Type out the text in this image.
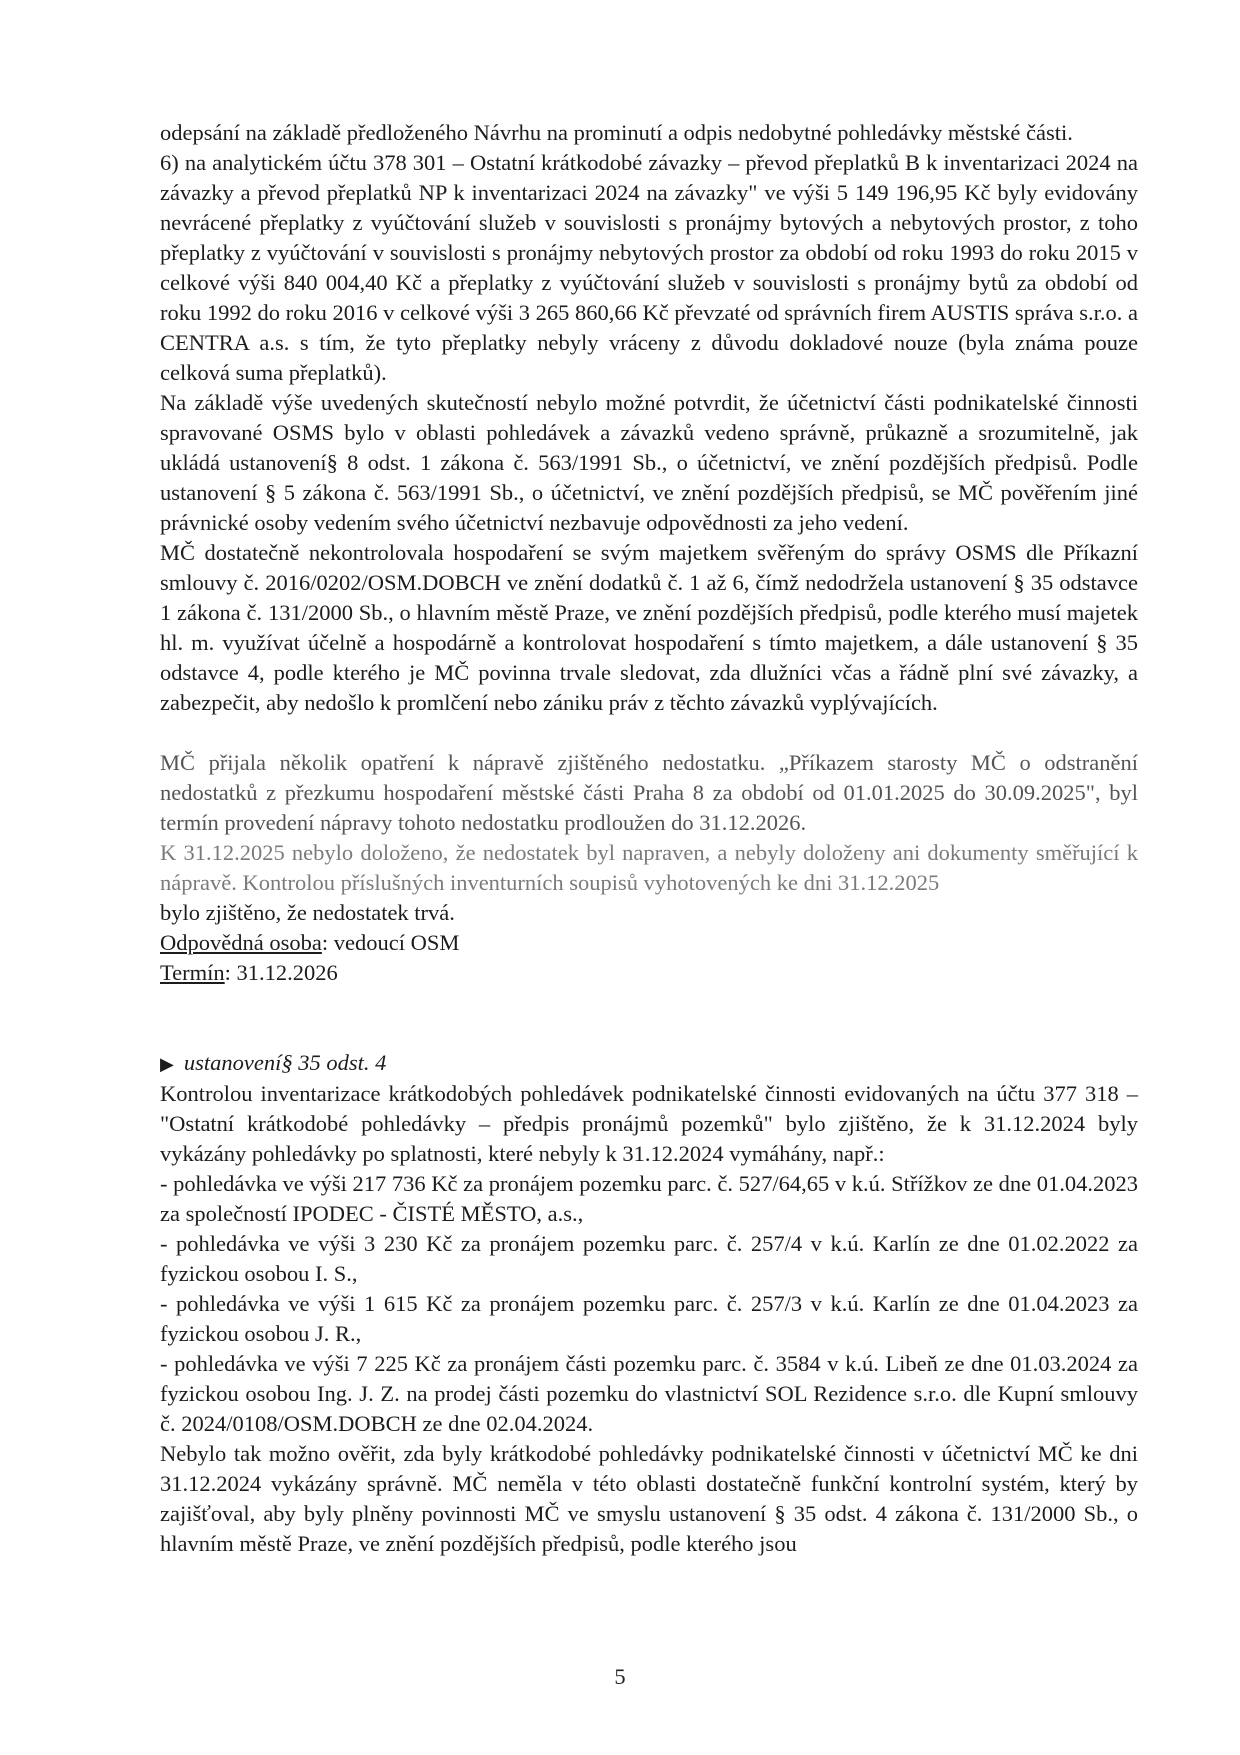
odepsání na základě předloženého Návrhu na prominutí a odpis nedobytné pohledávky městské části.

6) na analytickém účtu 378 301 – Ostatní krátkodobé závazky – převod přeplatků B k inventarizaci 2024 na závazky a převod přeplatků NP k inventarizaci 2024 na závazky" ve výši 5 149 196,95 Kč byly evidovány nevrácené přeplatky z vyúčtování služeb v souvislosti s pronájmy bytových a nebytových prostor, z toho přeplatky z vyúčtování v souvislosti s pronájmy nebytových prostor za období od roku 1993 do roku 2015 v celkové výši 840 004,40 Kč a přeplatky z vyúčtování služeb v souvislosti s pronájmy bytů za období od roku 1992 do roku 2016 v celkové výši 3 265 860,66 Kč převzaté od správních firem AUSTIS správa s.r.o. a CENTRA a.s. s tím, že tyto přeplatky nebyly vráceny z důvodu dokladové nouze (byla známa pouze celková suma přeplatků).

Na základě výše uvedených skutečností nebylo možné potvrdit, že účetnictví části podnikatelské činnosti spravované OSMS bylo v oblasti pohledávek a závazků vedeno správně, průkazně a srozumitelně, jak ukládá ustanovení§ 8 odst. 1 zákona č. 563/1991 Sb., o účetnictví, ve znění pozdějších předpisů. Podle ustanovení § 5 zákona č. 563/1991 Sb., o účetnictví, ve znění pozdějších předpisů, se MČ pověřením jiné právnické osoby vedením svého účetnictví nezbavuje odpovědnosti za jeho vedení.

MČ dostatečně nekontrolovala hospodaření se svým majetkem svěřeným do správy OSMS dle Příkazní smlouvy č. 2016/0202/OSM.DOBCH ve znění dodatků č. 1 až 6, čímž nedodržela ustanovení § 35 odstavce 1 zákona č. 131/2000 Sb., o hlavním městě Praze, ve znění pozdějších předpisů, podle kterého musí majetek hl. m. využívat účelně a hospodárně a kontrolovat hospodaření s tímto majetkem, a dále ustanovení § 35 odstavce 4, podle kterého je MČ povinna trvale sledovat, zda dlužníci včas a řádně plní své závazky, a zabezpečit, aby nedošlo k promlčení nebo zániku práv z těchto závazků vyplývajících.

MČ přijala několik opatření k nápravě zjištěného nedostatku. „Příkazem starosty MČ o odstranění nedostatků z přezkumu hospodaření městské části Praha 8 za období od 01.01.2025 do 30.09.2025", byl termín provedení nápravy tohoto nedostatku prodloužen do 31.12.2026.

K 31.12.2025 nebylo doloženo, že nedostatek byl napraven, a nebyly doloženy ani dokumenty směřující k nápravě. Kontrolou příslušných inventurních soupisů vyhotovených ke dni 31.12.2025

bylo zjištěno, že nedostatek trvá.

Odpovědná osoba: vedoucí OSM

Termín: 31.12.2026

▶ ustanovení§ 35 odst. 4

Kontrolou inventarizace krátkodobých pohledávek podnikatelské činnosti evidovaných na účtu 377 318 – "Ostatní krátkodobé pohledávky – předpis pronájmů pozemků" bylo zjištěno, že k 31.12.2024 byly vykázány pohledávky po splatnosti, které nebyly k 31.12.2024 vymáhány, např.:

- pohledávka ve výši 217 736 Kč za pronájem pozemku parc. č. 527/64,65 v k.ú. Střížkov ze dne 01.04.2023 za společností IPODEC - ČISTÉ MĚSTO, a.s.,

- pohledávka ve výši 3 230 Kč za pronájem pozemku parc. č. 257/4 v k.ú. Karlín ze dne 01.02.2022 za fyzickou osobou I. S.,

- pohledávka ve výši 1 615 Kč za pronájem pozemku parc. č. 257/3 v k.ú. Karlín ze dne 01.04.2023 za fyzickou osobou J. R.,

- pohledávka ve výši 7 225 Kč za pronájem části pozemku parc. č. 3584 v k.ú. Libeň ze dne 01.03.2024 za fyzickou osobou Ing. J. Z. na prodej části pozemku do vlastnictví SOL Rezidence s.r.o. dle Kupní smlouvy č. 2024/0108/OSM.DOBCH ze dne 02.04.2024.

Nebylo tak možno ověřit, zda byly krátkodobé pohledávky podnikatelské činnosti v účetnictví MČ ke dni 31.12.2024 vykázány správně. MČ neměla v této oblasti dostatečně funkční kontrolní systém, který by zajišťoval, aby byly plněny povinnosti MČ ve smyslu ustanovení § 35 odst. 4 zákona č. 131/2000 Sb., o hlavním městě Praze, ve znění pozdějších předpisů, podle kterého jsou

5
